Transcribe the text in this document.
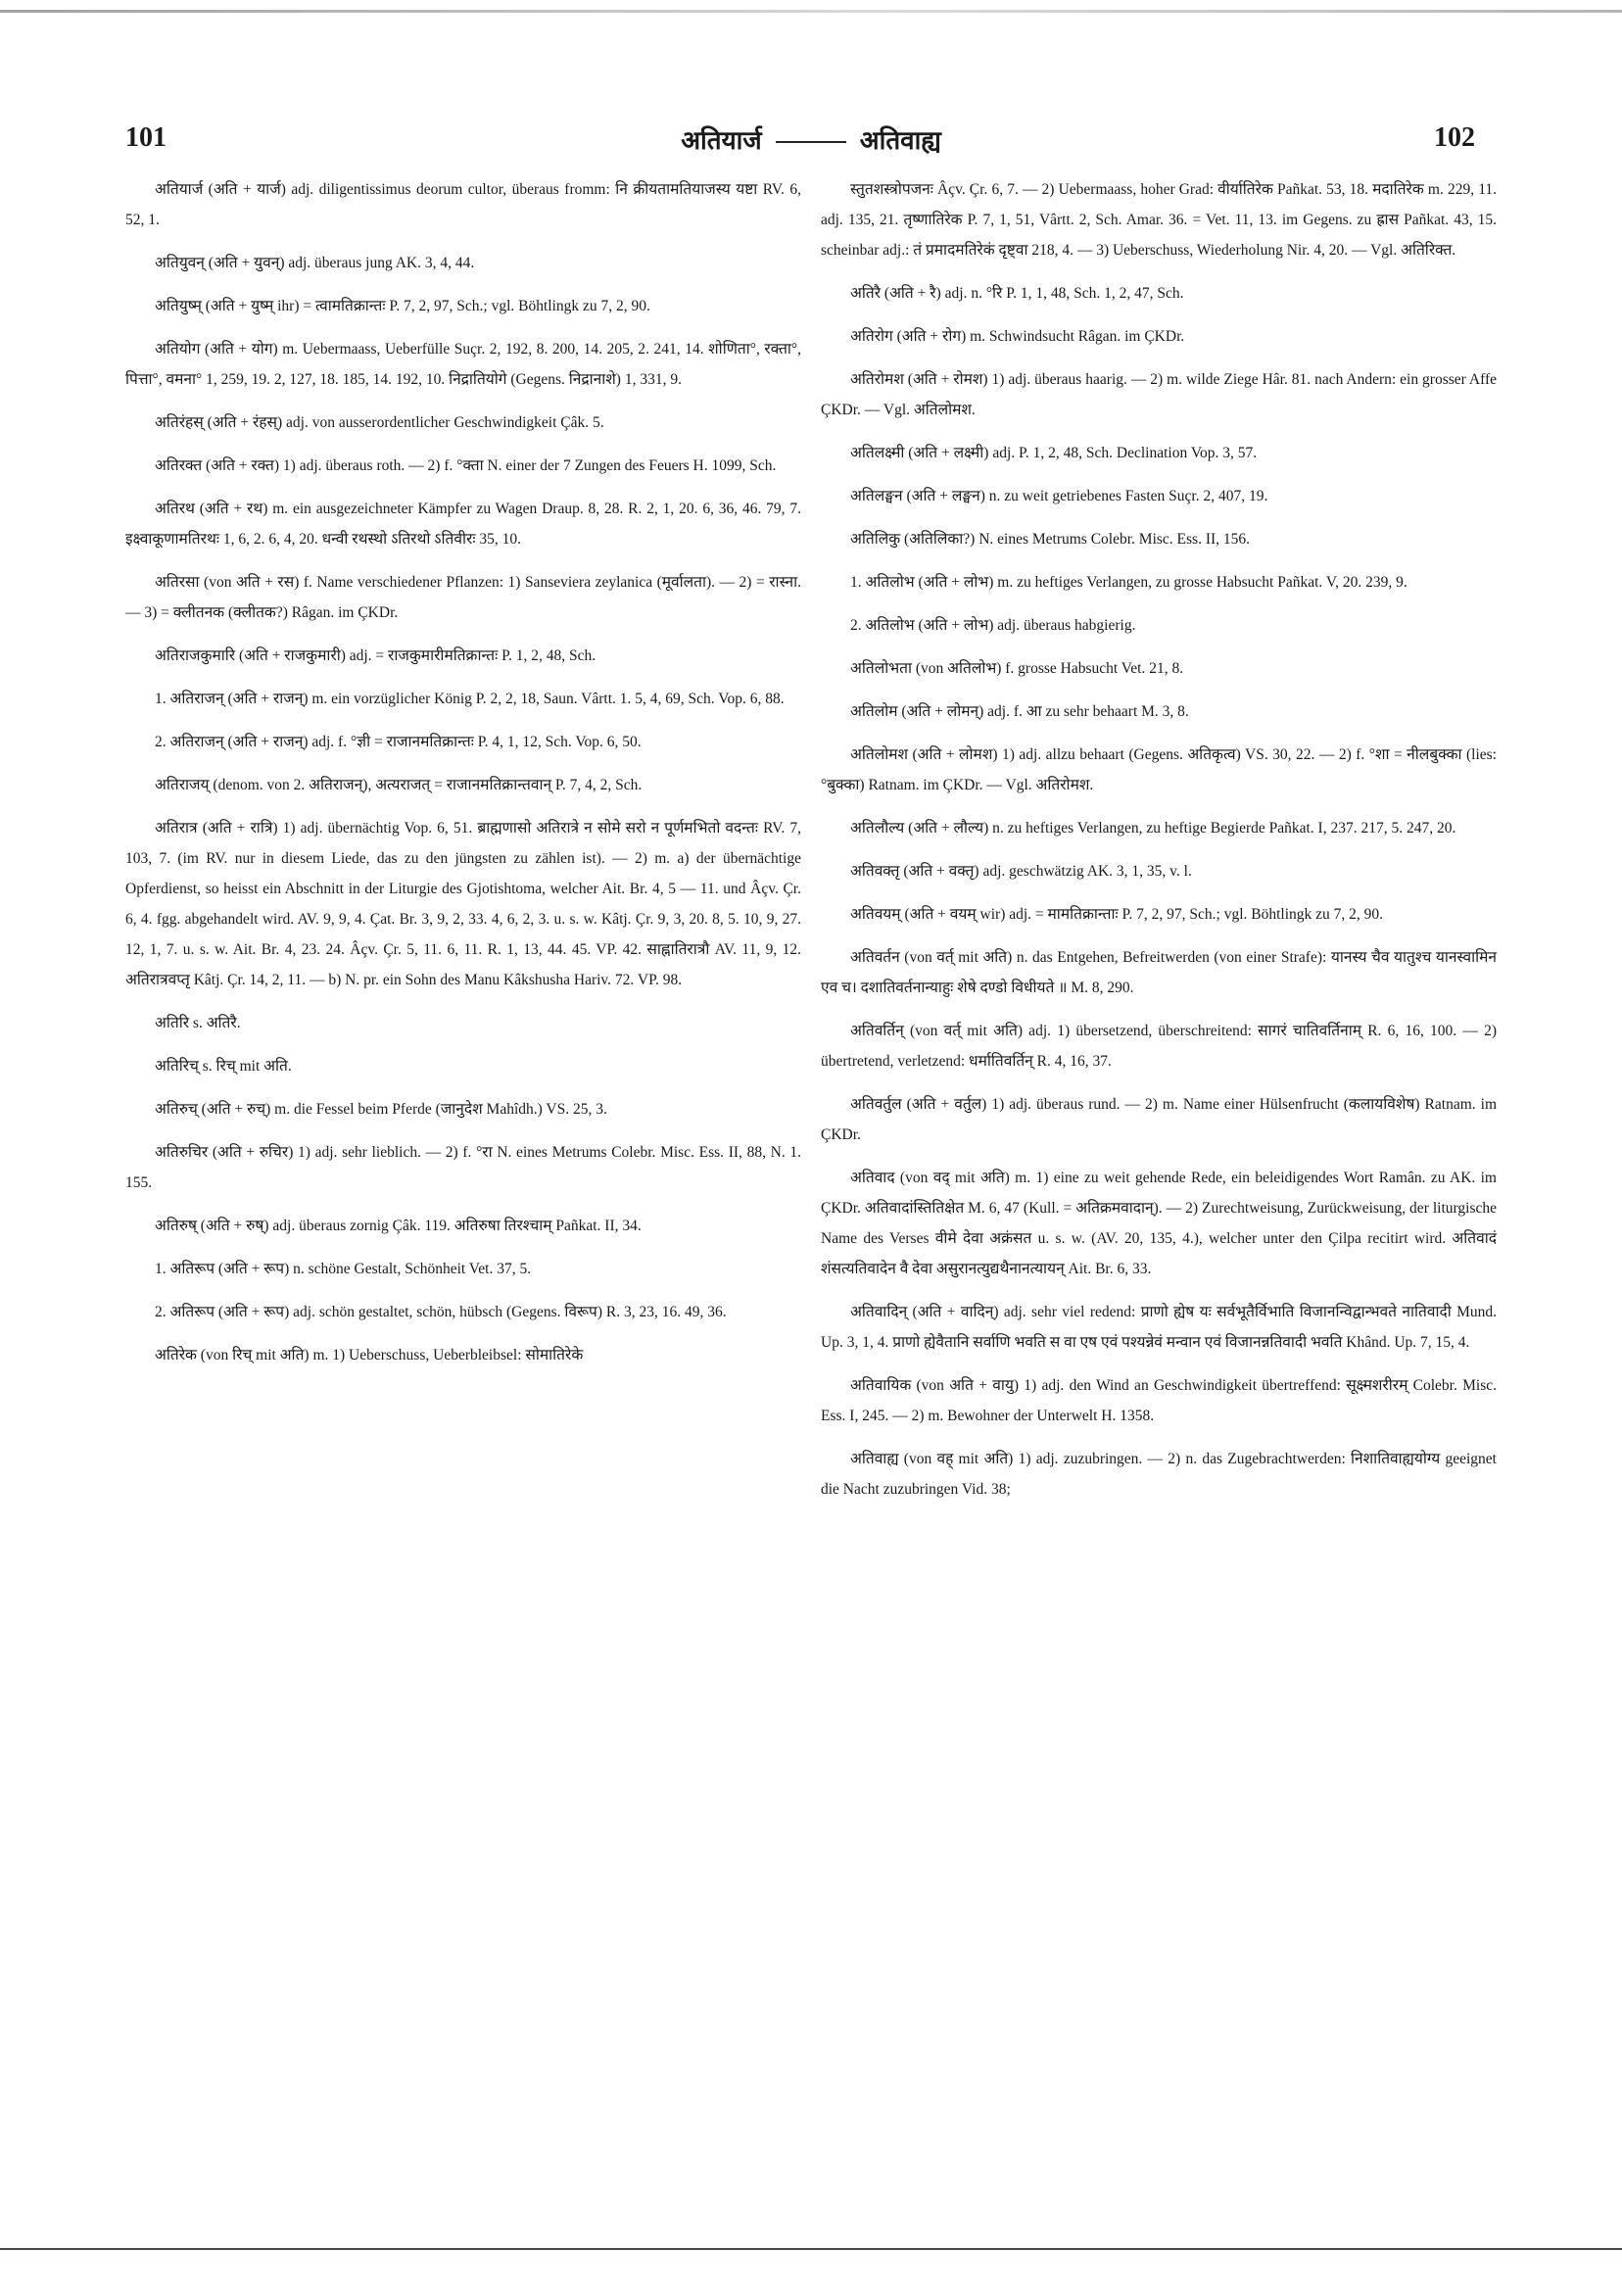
101	अतियार्ज	अतिवाह्य	102

अतियार्ज (अति + यार्ज) adj. diligentissimus deorum cultor, überaus fromm: नि क्रीयतामतियाजस्य यष्टा RV. 6, 52, 1.

अतियुवन् (अति + युवन्) adj. überaus jung AK. 3, 4, 44.

अतियुष्म् (अति + युष्म् ihr) = त्वामतिक्रान्तः P. 7, 2, 97, Sch.; vgl. Böhtlingk zu 7, 2, 90.

अतियोग (अति + योग) m. Uebermaass, Ueberfülle Suçr. 2, 192, 8. 200, 14. 205, 2. 241, 14. शोणिता°, रक्ता°, पित्ता°, वमना° 1, 259, 19. 2, 127, 18. 185, 14. 192, 10. निद्रातियोगे (Gegens. निद्रानाशे) 1, 331, 9.

अतिरंहस् (अति + रंहस्) adj. von ausserordentlicher Geschwindigkeit Çâk. 5.

अतिरक्त (अति + रक्त) 1) adj. überaus roth. — 2) f. °क्ता N. einer der 7 Zungen des Feuers H. 1099, Sch.

अतिरथ (अति + रथ) m. ein ausgezeichneter Kämpfer zu Wagen Draup. 8, 28. R. 2, 1, 20. 6, 36, 46. 79, 7. इक्ष्वाकूणामतिरथः 1, 6, 2. 6, 4, 20. धन्वी रथस्थो ऽतिरथो ऽतिवीरः 35, 10.

अतिरसा (von अति + रस) f. Name verschiedener Pflanzen: 1) Sanseviera zeylanica (मूर्वालता). — 2) = रास्ना. — 3) = क्लीतनक (क्लीतक?) Râgan. im ÇKDr.

अतिराजकुमारि (अति + राजकुमारी) adj. = राजकुमारीमतिक्रान्तः P. 1, 2, 48, Sch.

1. अतिराजन् (अति + राजन्) m. ein vorzüglicher König P. 2, 2, 18, Saun. Vârtt. 1. 5, 4, 69, Sch. Vop. 6, 88.

2. अतिराजन् (अति + राजन्) adj. f. °ज्ञी = राजानमतिक्रान्तः P. 4, 1, 12, Sch. Vop. 6, 50.

अतिराजय् (denom. von 2. अतिराजन्), अत्यराजत् = राजानमतिक्रान्तवान् P. 7, 4, 2, Sch.

अतिरात्र (अति + रात्रि) 1) adj. übernächtig Vop. 6, 51. ब्राह्मणासो अतिरात्रे न सोमे सरो न पूर्णमभितो वदन्तः RV. 7, 103, 7. (im RV. nur in diesem Liede, das zu den jüngsten zu zählen ist). — 2) m. a) der übernächtige Opferdienst, so heisst ein Abschnitt in der Liturgie des Gjotishtoma, welcher Ait. Br. 4, 5 — 11. und Âçv. Çr. 6, 4. fgg. abgehandelt wird. AV. 9, 9, 4. Çat. Br. 3, 9, 2, 33. 4, 6, 2, 3. u. s. w. Kâtj. Çr. 9, 3, 20. 8, 5. 10, 9, 27. 12, 1, 7. u. s. w. Ait. Br. 4, 23. 24. Âçv. Çr. 5, 11. 6, 11. R. 1, 13, 44. 45. VP. 42. साह्नातिरात्रौ AV. 11, 9, 12. अतिरात्रवप्तृ Kâtj. Çr. 14, 2, 11. — b) N. pr. ein Sohn des Manu Kâkshusha Hariv. 72. VP. 98.

अतिरि s. अतिरै.

अतिरिच् s. रिच् mit अति.

अतिरुच् (अति + रुच्) m. die Fessel beim Pferde (जानुदेश Mahîdh.) VS. 25, 3.

अतिरुचिर (अति + रुचिर) 1) adj. sehr lieblich. — 2) f. °रा N. eines Metrums Colebr. Misc. Ess. II, 88, N. 1. 155.

अतिरुष् (अति + रुष्) adj. überaus zornig Çâk. 119. अतिरुषा तिरश्चाम् Pañkat. II, 34.

1. अतिरूप (अति + रूप) n. schöne Gestalt, Schönheit Vet. 37, 5.

2. अतिरूप (अति + रूप) adj. schön gestaltet, schön, hübsch (Gegens. विरूप) R. 3, 23, 16. 49, 36.

अतिरेक (von रिच् mit अति) m. 1) Ueberschuss, Ueberbleibsel: सोमातिरेके

स्तुतशस्त्रोपजनः Âçv. Çr. 6, 7. — 2) Uebermaass, hoher Grad: वीर्यातिरेक Pañkat. 53, 18. मदातिरेक m. 229, 11. adj. 135, 21. तृष्णातिरेक P. 7, 1, 51, Vârtt. 2, Sch. Amar. 36. = Vet. 11, 13. im Gegens. zu ह्रास Pañkat. 43, 15. scheinbar adj.: तं प्रमादमतिरेकं दृष्ट्वा 218, 4. — 3) Ueberschuss, Wiederholung Nir. 4, 20. — Vgl. अतिरिक्त.

अतिरै (अति + रै) adj. n. °रि P. 1, 1, 48, Sch. 1, 2, 47, Sch.

अतिरोग (अति + रोग) m. Schwindsucht Râgan. im ÇKDr.

अतिरोमश (अति + रोमश) 1) adj. überaus haarig. — 2) m. wilde Ziege Hâr. 81. nach Andern: ein grosser Affe ÇKDr. — Vgl. अतिलोमश.

अतिलक्ष्मी (अति + लक्ष्मी) adj. P. 1, 2, 48, Sch. Declination Vop. 3, 57.

अतिलङ्घन (अति + लङ्घन) n. zu weit getriebenes Fasten Suçr. 2, 407, 19.

अतिलिकु (अतिलिका?) N. eines Metrums Colebr. Misc. Ess. II, 156.

1. अतिलोभ (अति + लोभ) m. zu heftiges Verlangen, zu grosse Habsucht Pañkat. V, 20. 239, 9.

2. अतिलोभ (अति + लोभ) adj. überaus habgierig.

अतिलोभता (von अतिलोभ) f. grosse Habsucht Vet. 21, 8.

अतिलोम (अति + लोमन्) adj. f. आ zu sehr behaart M. 3, 8.

अतिलोमश (अति + लोमश) 1) adj. allzu behaart (Gegens. अतिकृत्व) VS. 30, 22. — 2) f. °शा = नीलबुक्का (lies: °बुक्का) Ratnam. im ÇKDr. — Vgl. अतिरोमश.

अतिलौल्य (अति + लौल्य) n. zu heftiges Verlangen, zu heftige Begierde Pañkat. I, 237. 217, 5. 247, 20.

अतिवक्तृ (अति + वक्तृ) adj. geschwätzig AK. 3, 1, 35, v. l.

अतिवयम् (अति + वयम् wir) adj. = मामतिक्रान्ताः P. 7, 2, 97, Sch.; vgl. Böhtlingk zu 7, 2, 90.

अतिवर्तन (von वर्त् mit अति) n. das Entgehen, Befreitwerden (von einer Strafe): यानस्य चैव यातुश्च यानस्वामिन एव च। दशातिवर्तनान्याहुः शेषे दण्डो विधीयते ॥ M. 8, 290.

अतिवर्तिन् (von वर्त् mit अति) adj. 1) übersetzend, überschreitend: सागरं चातिवर्तिनाम् R. 6, 16, 100. — 2) übertretend, verletzend: धर्मातिवर्तिन् R. 4, 16, 37.

अतिवर्तुल (अति + वर्तुल) 1) adj. überaus rund. — 2) m. Name einer Hülsenfrucht (कलायविशेष) Ratnam. im ÇKDr.

अतिवाद (von वद् mit अति) m. 1) eine zu weit gehende Rede, ein beleidigendes Wort Ramân. zu AK. im ÇKDr. अतिवादांस्तितिक्षेत M. 6, 47 (Kull. = अतिक्रमवादान्). — 2) Zurechtweisung, Zurückweisung, der liturgische Name des Verses वीमे देवा अक्रंसत u. s. w. (AV. 20, 135, 4.), welcher unter den Çilpa recitirt wird. अतिवादं शंसत्यतिवादेन वै देवा असुरानत्युद्यथैनानत्यायन् Ait. Br. 6, 33.

अतिवादिन् (अति + वादिन्) adj. sehr viel redend: प्राणो ह्येष यः सर्वभूतैर्विभाति विजानन्विद्वान्भवते नातिवादी Mund. Up. 3, 1, 4. प्राणो ह्येवैतानि सर्वाणि भवति स वा एष एवं पश्यन्नेवं मन्वान एवं विजानन्नतिवादी भवति Khând. Up. 7, 15, 4.

अतिवायिक (von अति + वायु) 1) adj. den Wind an Geschwindigkeit übertreffend: सूक्ष्मशरीरम् Colebr. Misc. Ess. I, 245. — 2) m. Bewohner der Unterwelt H. 1358.

अतिवाह्य (von वह् mit अति) 1) adj. zuzubringen. — 2) n. das Zugebrachtwerden: निशातिवाह्ययोग्य geeignet die Nacht zuzubringen Vid. 38;
